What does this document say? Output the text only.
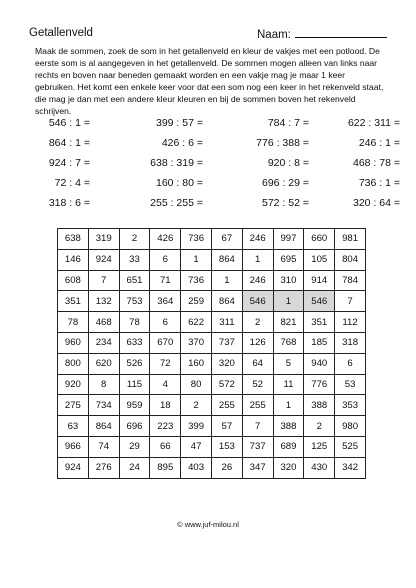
Getallenveld	Naam:
Maak de sommen, zoek de som in het getallenveld en kleur de vakjes met een potlood. De eerste som is al aangegeven in het getallenveld. De sommen mogen alleen van links naar rechts en boven naar beneden gemaakt worden en een vakje mag je maar 1 keer gebruiken. Het komt een enkele keer voor dat een som nog een keer in het rekenveld staat, die mag je dan met een andere kleur kleuren en bij de sommen boven het rekenveld schrijven.
546 : 1 =	399 : 57 =	784 : 7 =	622 : 311 =
864 : 1 =	426 : 6 =	776 : 388 =	246 : 1 =
924 : 7 =	638 : 319 =	920 : 8 =	468 : 78 =
72 : 4 =	160 : 80 =	696 : 29 =	736 : 1 =
318 : 6 =	255 : 255 =	572 : 52 =	320 : 64 =
638	319	2	426	736	67	246	997	660	981
146	924	33	6	1	864	1	695	105	804
608	7	651	71	736	1	246	310	914	784
351	132	753	364	259	864	546	1	546	7
78	468	78	6	622	311	2	821	351	112
960	234	633	670	370	737	126	768	185	318
800	620	526	72	160	320	64	5	940	6
920	8	115	4	80	572	52	11	776	53
275	734	959	18	2	255	255	1	388	353
63	864	696	223	399	57	7	388	2	980
966	74	29	66	47	153	737	689	125	525
924	276	24	895	403	26	347	320	430	342
© www.juf-milou.nl
